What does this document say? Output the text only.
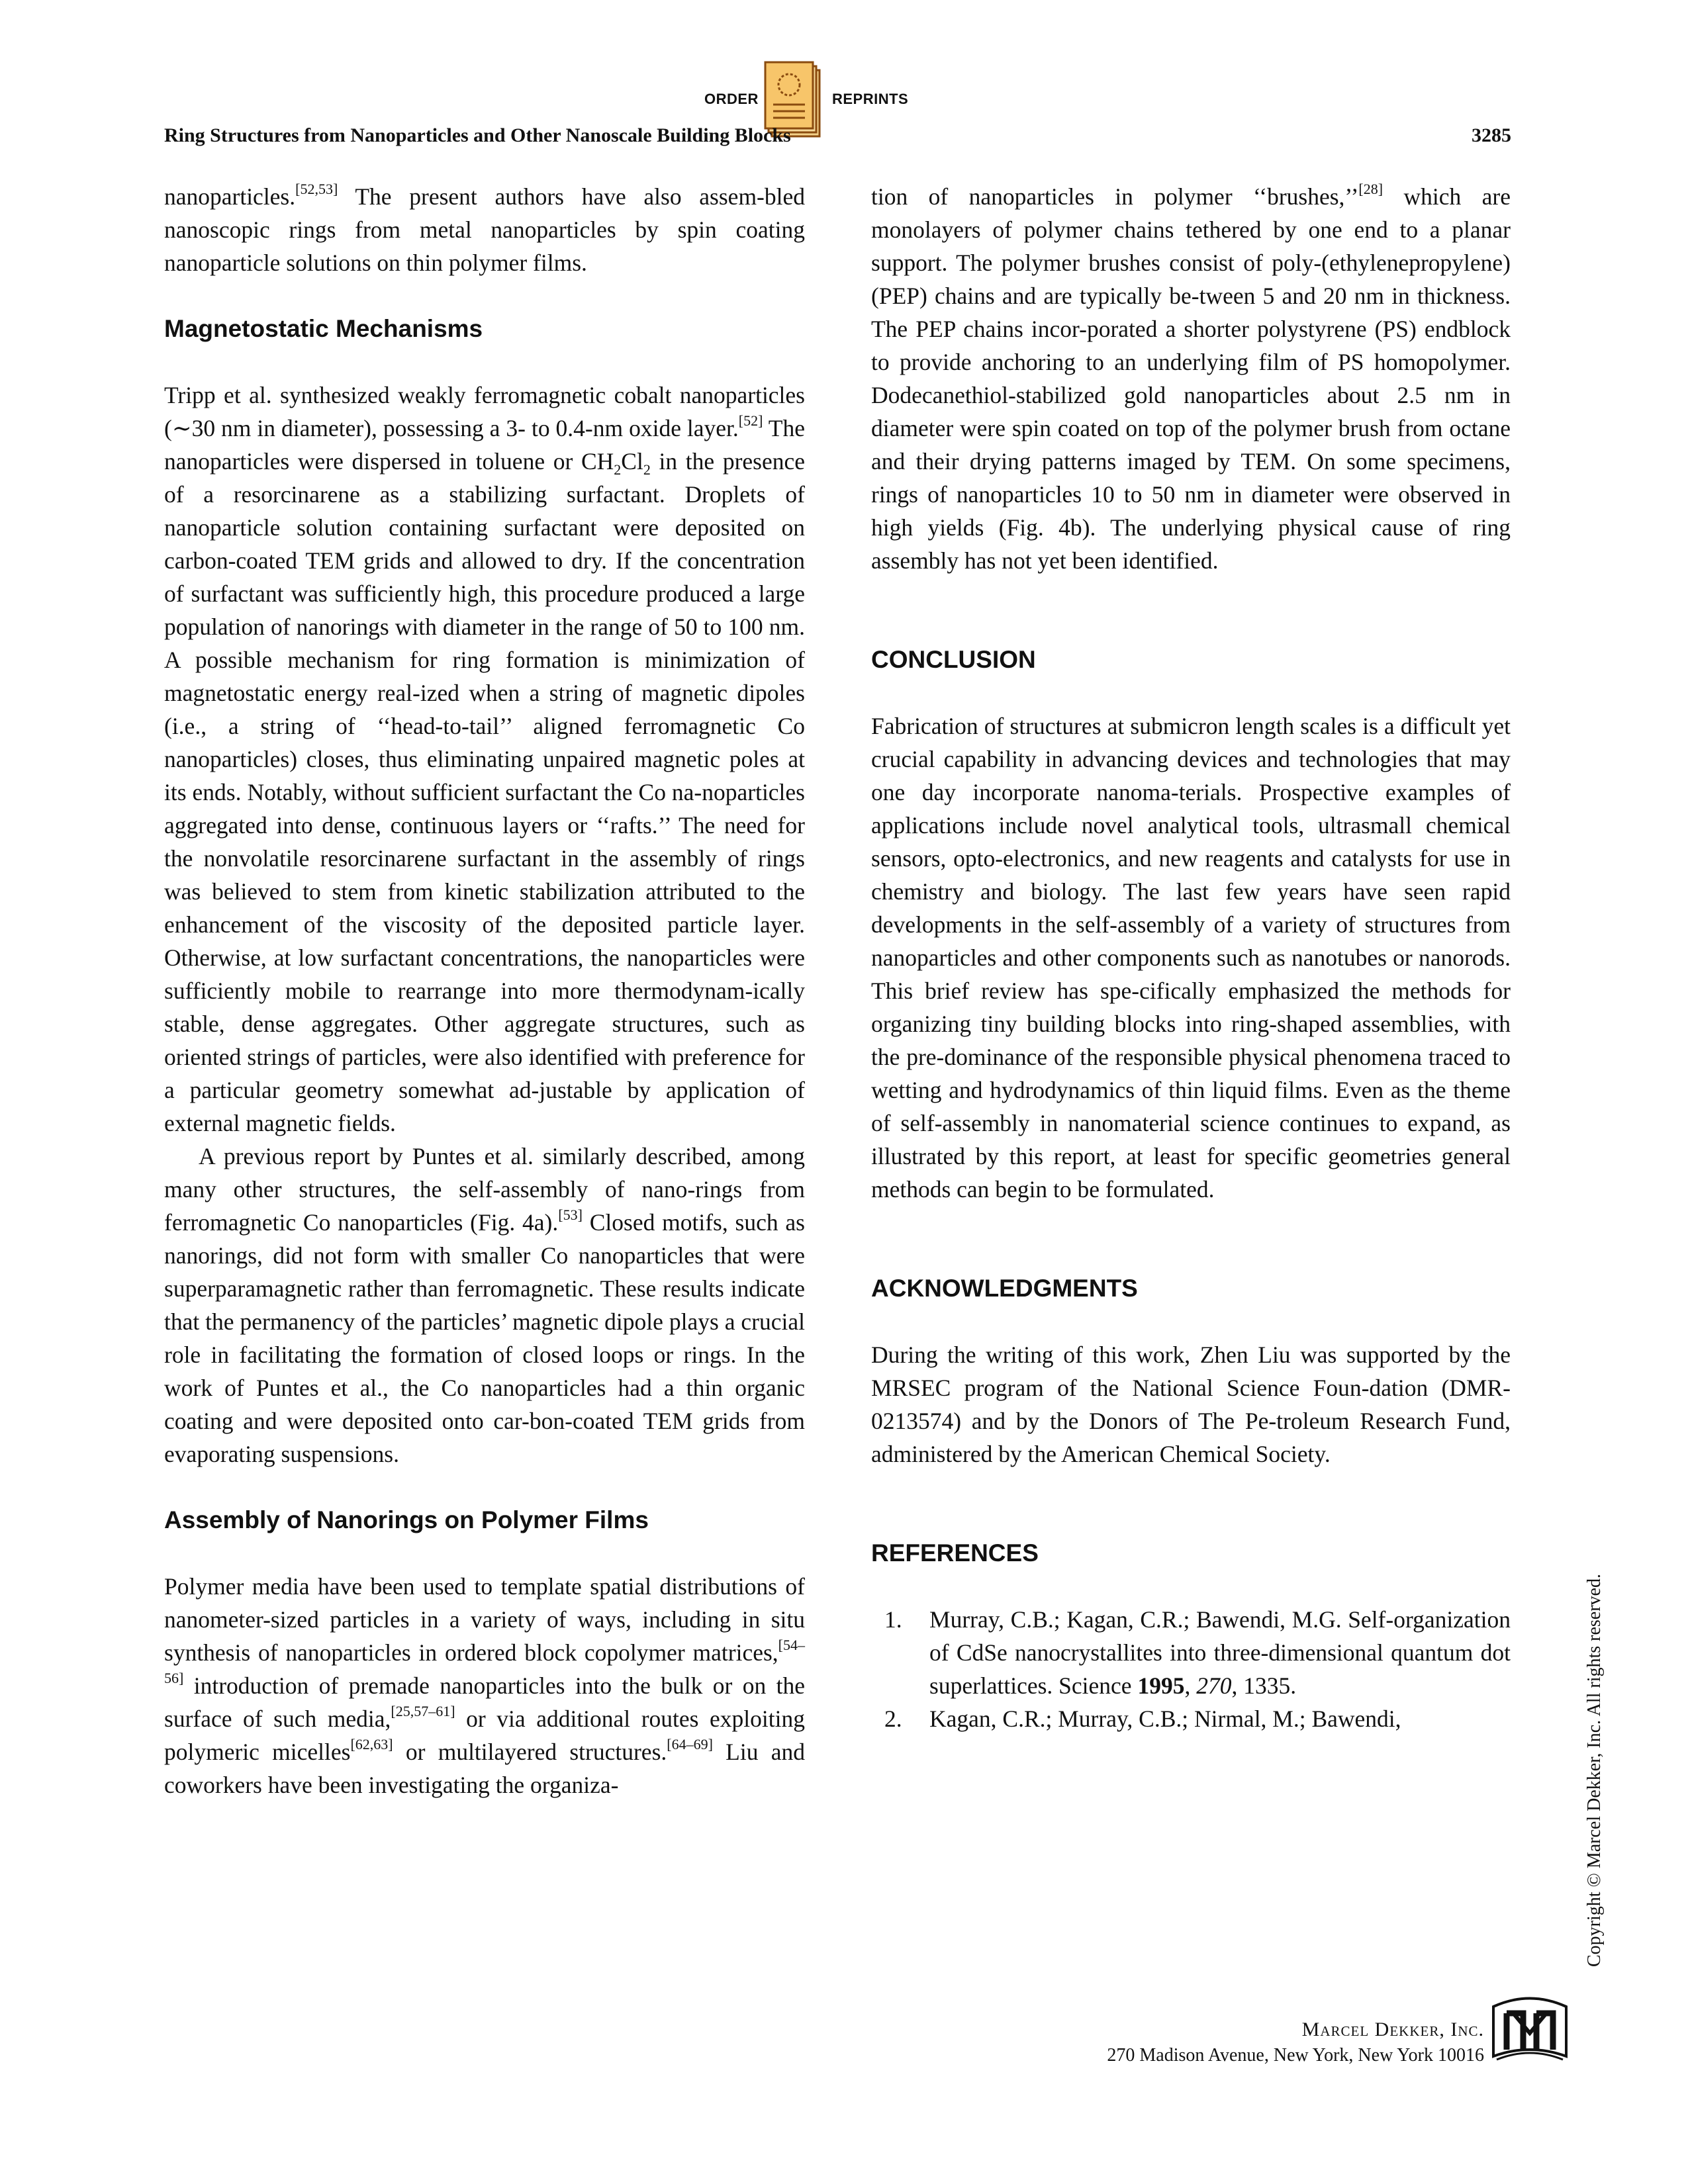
ORDER	REPRINTS
Ring Structures from Nanoparticles and Other Nanoscale Building Blocks	3285

nanoparticles.[52,53] The present authors have also assem-bled nanoscopic rings from metal nanoparticles by spin coating nanoparticle solutions on thin polymer films.

Magnetostatic Mechanisms

Tripp et al. synthesized weakly ferromagnetic cobalt nanoparticles (∼30 nm in diameter), possessing a 3- to 0.4-nm oxide layer.[52] The nanoparticles were dispersed in toluene or $CH_2Cl_2$ in the presence of a resorcinarene as a stabilizing surfactant. Droplets of nanoparticle solution containing surfactant were deposited on carbon-coated TEM grids and allowed to dry. If the concentration of surfactant was sufficiently high, this procedure produced a large population of nanorings with diameter in the range of 50 to 100 nm. A possible mechanism for ring formation is minimization of magnetostatic energy real-ized when a string of magnetic dipoles (i.e., a string of ‘‘head-to-tail’’ aligned ferromagnetic Co nanoparticles) closes, thus eliminating unpaired magnetic poles at its ends. Notably, without sufficient surfactant the Co na-noparticles aggregated into dense, continuous layers or ‘‘rafts.’’ The need for the nonvolatile resorcinarene surfactant in the assembly of rings was believed to stem from kinetic stabilization attributed to the enhancement of the viscosity of the deposited particle layer. Otherwise, at low surfactant concentrations, the nanoparticles were sufficiently mobile to rearrange into more thermodynam-ically stable, dense aggregates. Other aggregate structures, such as oriented strings of particles, were also identified with preference for a particular geometry somewhat ad-justable by application of external magnetic fields.

A previous report by Puntes et al. similarly described, among many other structures, the self-assembly of nano-rings from ferromagnetic Co nanoparticles (Fig. 4a).[53] Closed motifs, such as nanorings, did not form with smaller Co nanoparticles that were superparamagnetic rather than ferromagnetic. These results indicate that the permanency of the particles’ magnetic dipole plays a crucial role in facilitating the formation of closed loops or rings. In the work of Puntes et al., the Co nanoparticles had a thin organic coating and were deposited onto car-bon-coated TEM grids from evaporating suspensions.

Assembly of Nanorings on Polymer Films

Polymer media have been used to template spatial distributions of nanometer-sized particles in a variety of ways, including in situ synthesis of nanoparticles in ordered block copolymer matrices,[54–56] introduction of premade nanoparticles into the bulk or on the surface of such media,[25,57–61] or via additional routes exploiting polymeric micelles[62,63] or multilayered structures.[64–69] Liu and coworkers have been investigating the organiza-

tion of nanoparticles in polymer ‘‘brushes,’’[28] which are monolayers of polymer chains tethered by one end to a planar support. The polymer brushes consist of poly-(ethylenepropylene) (PEP) chains and are typically be-tween 5 and 20 nm in thickness. The PEP chains incor-porated a shorter polystyrene (PS) endblock to provide anchoring to an underlying film of PS homopolymer. Dodecanethiol-stabilized gold nanoparticles about 2.5 nm in diameter were spin coated on top of the polymer brush from octane and their drying patterns imaged by TEM. On some specimens, rings of nanoparticles 10 to 50 nm in diameter were observed in high yields (Fig. 4b). The underlying physical cause of ring assembly has not yet been identified.

CONCLUSION

Fabrication of structures at submicron length scales is a difficult yet crucial capability in advancing devices and technologies that may one day incorporate nanoma-terials. Prospective examples of applications include novel analytical tools, ultrasmall chemical sensors, opto-electronics, and new reagents and catalysts for use in chemistry and biology. The last few years have seen rapid developments in the self-assembly of a variety of structures from nanoparticles and other components such as nanotubes or nanorods. This brief review has spe-cifically emphasized the methods for organizing tiny building blocks into ring-shaped assemblies, with the pre-dominance of the responsible physical phenomena traced to wetting and hydrodynamics of thin liquid films. Even as the theme of self-assembly in nanomaterial science continues to expand, as illustrated by this report, at least for specific geometries general methods can begin to be formulated.

ACKNOWLEDGMENTS

During the writing of this work, Zhen Liu was supported by the MRSEC program of the National Science Foun-dation (DMR-0213574) and by the Donors of The Pe-troleum Research Fund, administered by the American Chemical Society.

REFERENCES
1. Murray, C.B.; Kagan, C.R.; Bawendi, M.G. Self-organization of CdSe nanocrystallites into three-dimensional quantum dot superlattices. Science 1995, 270, 1335.
2. Kagan, C.R.; Murray, C.B.; Nirmal, M.; Bawendi,	Copyright © Marcel Dekker, Inc. All rights reserved.
Marcel Dekker, Inc.
270 Madison Avenue, New York, New York 10016
